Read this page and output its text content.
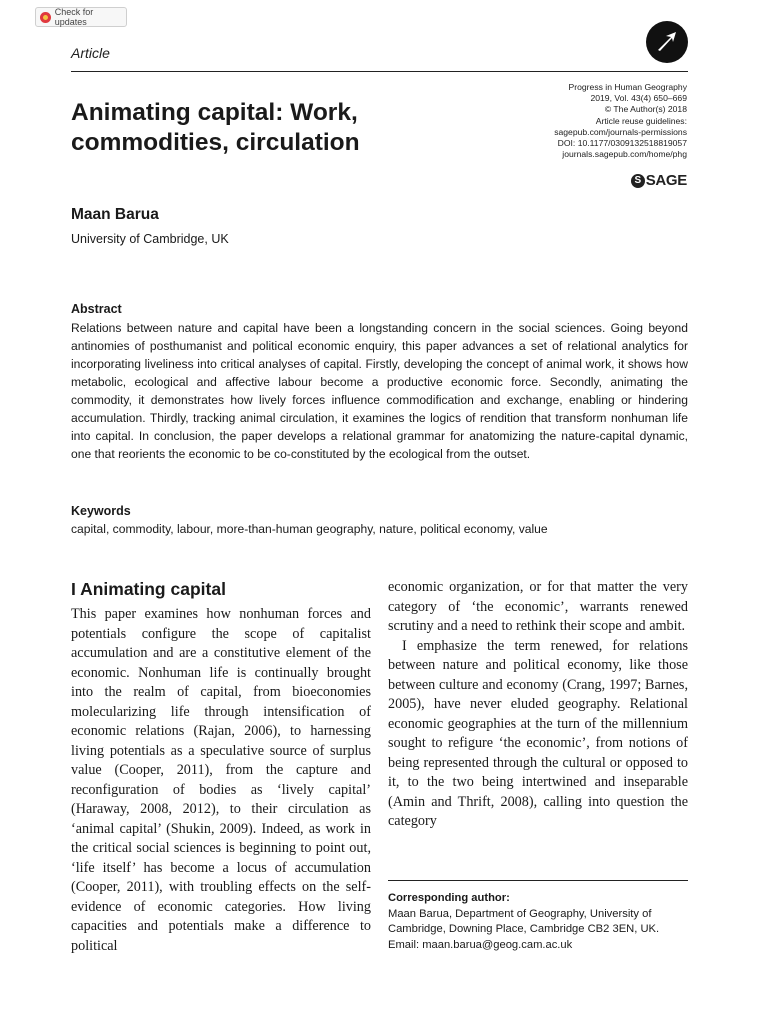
Check for updates
Article
Progress in Human Geography
2019, Vol. 43(4) 650–669
© The Author(s) 2018
Article reuse guidelines:
sagepub.com/journals-permissions
DOI: 10.1177/0309132518819057
journals.sagepub.com/home/phg
S SAGE
Animating capital: Work, commodities, circulation
Maan Barua
University of Cambridge, UK
Abstract
Relations between nature and capital have been a longstanding concern in the social sciences. Going beyond antinomies of posthumanist and political economic enquiry, this paper advances a set of relational analytics for incorporating liveliness into critical analyses of capital. Firstly, developing the concept of animal work, it shows how metabolic, ecological and affective labour become a productive economic force. Secondly, animating the commodity, it demonstrates how lively forces influence commodification and exchange, enabling or hindering accumulation. Thirdly, tracking animal circulation, it examines the logics of rendition that transform nonhuman life into capital. In conclusion, the paper develops a relational grammar for anatomizing the nature-capital dynamic, one that reorients the economic to be co-constituted by the ecological from the outset.
Keywords
capital, commodity, labour, more-than-human geography, nature, political economy, value
I Animating capital
This paper examines how nonhuman forces and potentials configure the scope of capitalist accumulation and are a constitutive element of the economic. Nonhuman life is continually brought into the realm of capital, from bioeconomies molecularizing life through intensification of economic relations (Rajan, 2006), to harnessing living potentials as a speculative source of surplus value (Cooper, 2011), from the capture and reconfiguration of bodies as ‘lively capital’ (Haraway, 2008, 2012), to their circulation as ‘animal capital’ (Shukin, 2009). Indeed, as work in the critical social sciences is beginning to point out, ‘life itself’ has become a locus of accumulation (Cooper, 2011), with troubling effects on the self-evidence of economic categories. How living capacities and potentials make a difference to political

economic organization, or for that matter the very category of ‘the economic’, warrants renewed scrutiny and a need to rethink their scope and ambit.

I emphasize the term renewed, for relations between nature and political economy, like those between culture and economy (Crang, 1997; Barnes, 2005), have never eluded geography. Relational economic geographies at the turn of the millennium sought to refigure ‘the economic’, from notions of being represented through the cultural or opposed to it, to the two being intertwined and inseparable (Amin and Thrift, 2008), calling into question the category

Corresponding author:
Maan Barua, Department of Geography, University of Cambridge, Downing Place, Cambridge CB2 3EN, UK.
Email: maan.barua@geog.cam.ac.uk
